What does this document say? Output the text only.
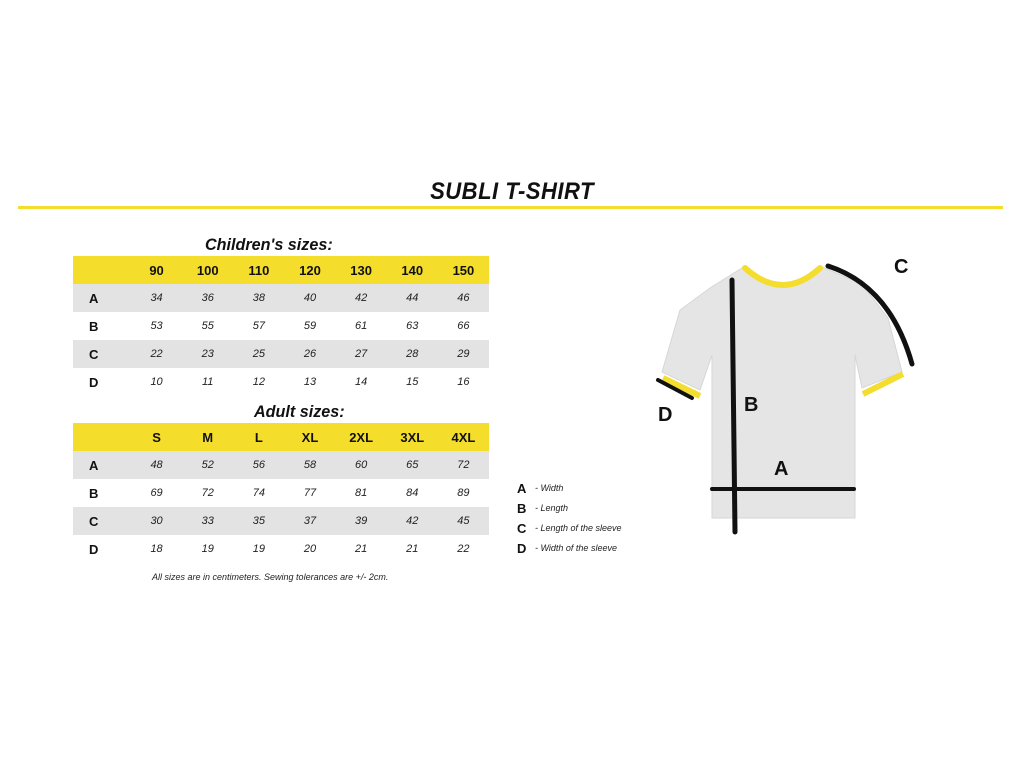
SUBLI T-SHIRT
Children's sizes:
	90	100	110	120	130	140	150
A	34	36	38	40	42	44	46
B	53	55	57	59	61	63	66
C	22	23	25	26	27	28	29
D	10	11	12	13	14	15	16
Adult sizes:
	S	M	L	XL	2XL	3XL	4XL
A	48	52	56	58	60	65	72
B	69	72	74	77	81	84	89
C	30	33	35	37	39	42	45
D	18	19	19	20	21	21	22
All sizes are in centimeters. Sewing tolerances are +/- 2cm.
A - Width
B - Length
C - Length of the sleeve
D - Width of the sleeve
C
B
A
D
